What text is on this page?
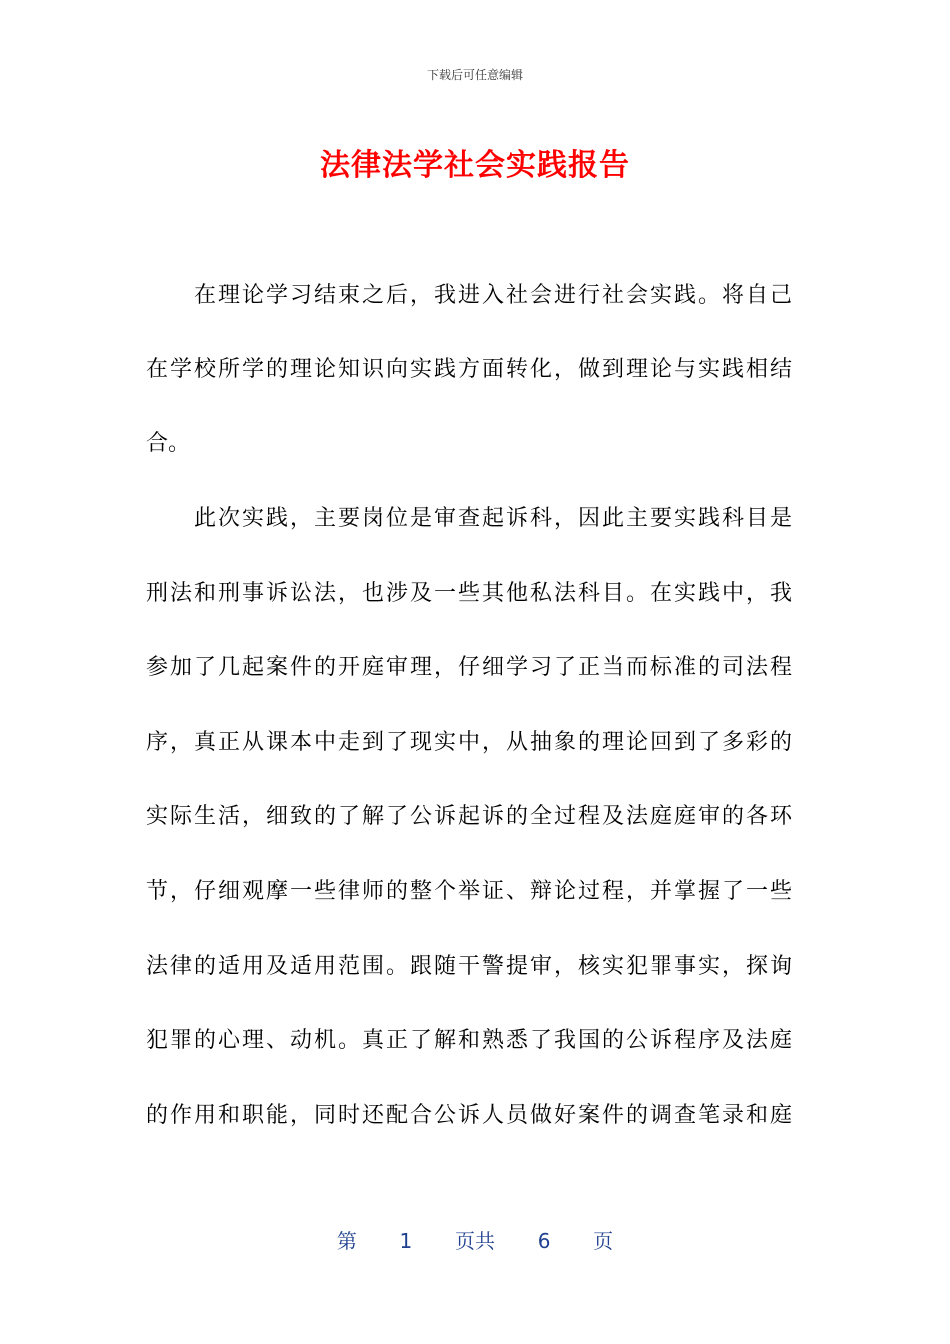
下载后可任意编辑
法律法学社会实践报告
　　在理论学习结束之后，我进入社会进行社会实践。将自己
在学校所学的理论知识向实践方面转化，做到理论与实践相结
合。
　　此次实践，主要岗位是审查起诉科，因此主要实践科目是
刑法和刑事诉讼法，也涉及一些其他私法科目。在实践中，我
参加了几起案件的开庭审理，仔细学习了正当而标准的司法程
序，真正从课本中走到了现实中，从抽象的理论回到了多彩的
实际生活，细致的了解了公诉起诉的全过程及法庭庭审的各环
节，仔细观摩一些律师的整个举证、辩论过程，并掌握了一些
法律的适用及适用范围。跟随干警提审，核实犯罪事实，探询
犯罪的心理、动机。真正了解和熟悉了我国的公诉程序及法庭
的作用和职能，同时还配合公诉人员做好案件的调查笔录和庭
第 1 页共 6 页
